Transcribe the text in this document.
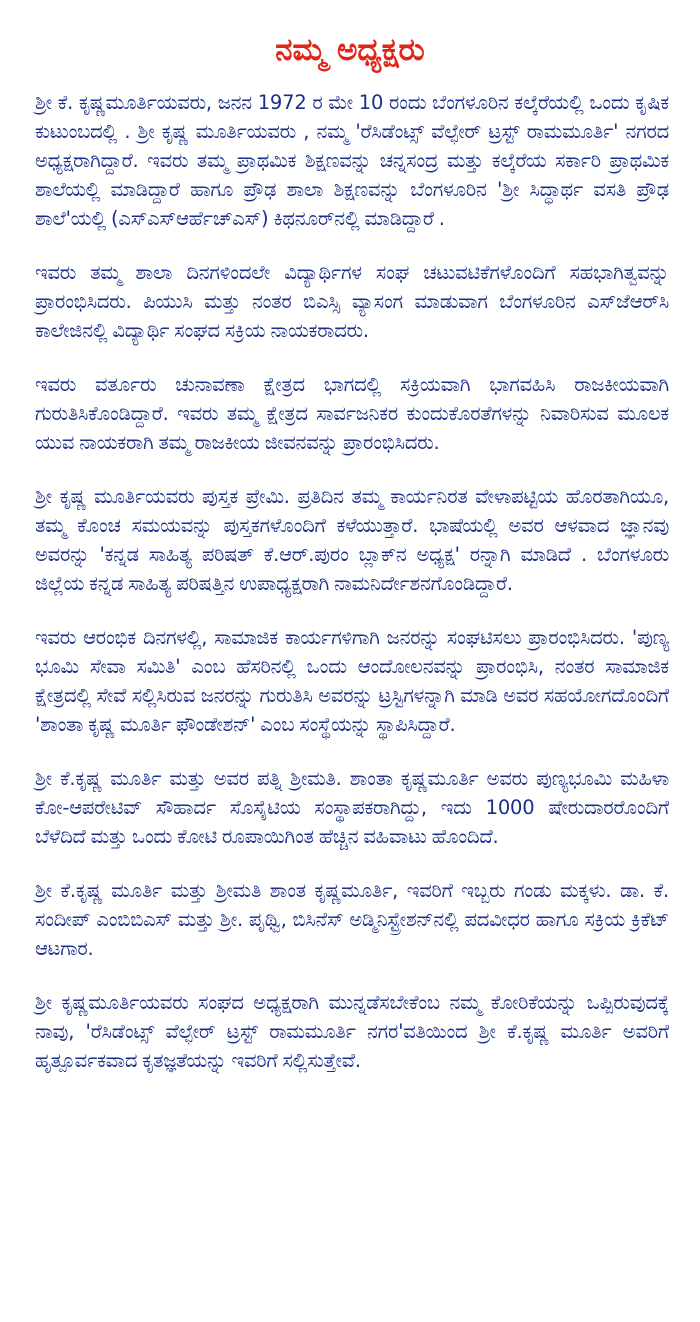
ನಮ್ಮ ಅಧ್ಯಕ್ಷರು

ಶ್ರೀ ಕೆ. ಕೃಷ್ಣಮೂರ್ತಿಯವರು, ಜನನ 1972 ರ ಮೇ 10 ರಂದು ಬೆಂಗಳೂರಿನ ಕಲ್ಕೆರೆಯಲ್ಲಿ ಒಂದು ಕೃಷಿಕ ಕುಟುಂಬದಲ್ಲಿ . ಶ್ರೀ ಕೃಷ್ಣ ಮೂರ್ತಿಯವರು , ನಮ್ಮ 'ರೆಸಿಡೆಂಟ್ಸ್ ವೆಲ್ಫೇರ್ ಟ್ರಸ್ಟ್ ರಾಮಮೂರ್ತಿ' ನಗರದ ಅಧ್ಯಕ್ಷರಾಗಿದ್ದಾರೆ. ಇವರು ತಮ್ಮ ಪ್ರಾಥಮಿಕ ಶಿಕ್ಷಣವನ್ನು ಚನ್ನಸಂದ್ರ ಮತ್ತು ಕಲ್ಕೆರೆಯ ಸರ್ಕಾರಿ ಪ್ರಾಥಮಿಕ ಶಾಲೆಯಲ್ಲಿ ಮಾಡಿದ್ದಾರೆ ಹಾಗೂ ಪ್ರೌಢ ಶಾಲಾ ಶಿಕ್ಷಣವನ್ನು ಬೆಂಗಳೂರಿನ 'ಶ್ರೀ ಸಿದ್ಧಾರ್ಥ ವಸತಿ ಪ್ರೌಢ ಶಾಲೆ'ಯಲ್ಲಿ (ಎಸ್ಎಸ್ಆರ್ಹೆಚ್ಎಸ್) ಕಿಥನೂರ್‌ನಲ್ಲಿ ಮಾಡಿದ್ದಾರೆ .

ಇವರು ತಮ್ಮ ಶಾಲಾ ದಿನಗಳಿಂದಲೇ ವಿದ್ಯಾರ್ಥಿಗಳ ಸಂಘ ಚಟುವಟಿಕೆಗಳೊಂದಿಗೆ ಸಹಭಾಗಿತ್ವವನ್ನು ಪ್ರಾರಂಭಿಸಿದರು. ಪಿಯುಸಿ ಮತ್ತು ನಂತರ ಬಿಎಸ್ಸಿ ವ್ಯಾಸಂಗ ಮಾಡುವಾಗ ಬೆಂಗಳೂರಿನ ಎಸ್‌ಜೆಆರ್‌ಸಿ ಕಾಲೇಜಿನಲ್ಲಿ ವಿದ್ಯಾರ್ಥಿ ಸಂಘದ ಸಕ್ರಿಯ ನಾಯಕರಾದರು.

ಇವರು ವರ್ತೂರು ಚುನಾವಣಾ ಕ್ಷೇತ್ರದ ಭಾಗದಲ್ಲಿ ಸಕ್ರಿಯವಾಗಿ ಭಾಗವಹಿಸಿ ರಾಜಕೀಯವಾಗಿ ಗುರುತಿಸಿಕೊಂಡಿದ್ದಾರೆ. ಇವರು ತಮ್ಮ ಕ್ಷೇತ್ರದ ಸಾರ್ವಜನಿಕರ ಕುಂದುಕೊರತೆಗಳನ್ನು ನಿವಾರಿಸುವ ಮೂಲಕ ಯುವ ನಾಯಕರಾಗಿ ತಮ್ಮ ರಾಜಕೀಯ ಜೀವನವನ್ನು ಪ್ರಾರಂಭಿಸಿದರು.

ಶ್ರೀ ಕೃಷ್ಣ ಮೂರ್ತಿಯವರು ಪುಸ್ತಕ ಪ್ರೇಮಿ. ಪ್ರತಿದಿನ ತಮ್ಮ ಕಾರ್ಯನಿರತ ವೇಳಾಪಟ್ಟಿಯ ಹೊರತಾಗಿಯೂ, ತಮ್ಮ ಕೊಂಚ ಸಮಯವನ್ನು ಪುಸ್ತಕಗಳೊಂದಿಗೆ ಕಳೆಯುತ್ತಾರೆ. ಭಾಷೆಯಲ್ಲಿ ಅವರ ಆಳವಾದ ಜ್ಞಾನವು ಅವರನ್ನು 'ಕನ್ನಡ ಸಾಹಿತ್ಯ ಪರಿಷತ್ ಕೆ.ಆರ್.ಪುರಂ ಬ್ಲಾಕ್‌ನ ಅಧ್ಯಕ್ಷ' ರನ್ನಾಗಿ ಮಾಡಿದೆ . ಬೆಂಗಳೂರು ಜಿಲ್ಲೆಯ ಕನ್ನಡ ಸಾಹಿತ್ಯ ಪರಿಷತ್ತಿನ ಉಪಾಧ್ಯಕ್ಷರಾಗಿ ನಾಮನಿರ್ದೇಶನಗೊಂಡಿದ್ದಾರೆ.

ಇವರು ಆರಂಭಿಕ ದಿನಗಳಲ್ಲಿ, ಸಾಮಾಜಿಕ ಕಾರ್ಯಗಳಿಗಾಗಿ ಜನರನ್ನು ಸಂಘಟಿಸಲು ಪ್ರಾರಂಭಿಸಿದರು. 'ಪುಣ್ಯ ಭೂಮಿ ಸೇವಾ ಸಮಿತಿ' ಎಂಬ ಹೆಸರಿನಲ್ಲಿ ಒಂದು ಆಂದೋಲನವನ್ನು ಪ್ರಾರಂಭಿಸಿ, ನಂತರ ಸಾಮಾಜಿಕ ಕ್ಷೇತ್ರದಲ್ಲಿ ಸೇವೆ ಸಲ್ಲಿಸಿರುವ ಜನರನ್ನು ಗುರುತಿಸಿ ಅವರನ್ನು ಟ್ರಸ್ಟಿಗಳನ್ನಾಗಿ ಮಾಡಿ ಅವರ ಸಹಯೋಗದೊಂದಿಗೆ 'ಶಾಂತಾ ಕೃಷ್ಣ ಮೂರ್ತಿ ಫೌಂಡೇಶನ್' ಎಂಬ ಸಂಸ್ಥೆಯನ್ನು ಸ್ಥಾಪಿಸಿದ್ದಾರೆ.

ಶ್ರೀ ಕೆ.ಕೃಷ್ಣ ಮೂರ್ತಿ ಮತ್ತು ಅವರ ಪತ್ನಿ ಶ್ರೀಮತಿ. ಶಾಂತಾ ಕೃಷ್ಣಮೂರ್ತಿ ಅವರು ಪುಣ್ಯಭೂಮಿ ಮಹಿಳಾ ಕೋ-ಆಪರೇಟಿವ್ ಸೌಹಾರ್ದ ಸೊಸೈಟಿಯ ಸಂಸ್ಥಾಪಕರಾಗಿದ್ದು, ಇದು 1000 ಷೇರುದಾರರೊಂದಿಗೆ ಬೆಳೆದಿದೆ ಮತ್ತು ಒಂದು ಕೋಟಿ ರೂಪಾಯಿಗಿಂತ ಹೆಚ್ಚಿನ ವಹಿವಾಟು ಹೊಂದಿದೆ.

ಶ್ರೀ ಕೆ.ಕೃಷ್ಣ ಮೂರ್ತಿ ಮತ್ತು ಶ್ರೀಮತಿ ಶಾಂತ ಕೃಷ್ಣಮೂರ್ತಿ, ಇವರಿಗೆ ಇಬ್ಬರು ಗಂಡು ಮಕ್ಕಳು. ಡಾ. ಕೆ. ಸಂದೀಪ್ ಎಂಬಿಬಿಎಸ್ ಮತ್ತು ಶ್ರೀ. ಪೃಥ್ವಿ, ಬಿಸಿನೆಸ್ ಅಡ್ಮಿನಿಸ್ಟ್ರೇಶನ್‌ನಲ್ಲಿ ಪದವೀಧರ ಹಾಗೂ ಸಕ್ರಿಯ ಕ್ರಿಕೆಟ್ ಆಟಗಾರ.

ಶ್ರೀ ಕೃಷ್ಣಮೂರ್ತಿಯವರು ಸಂಘದ ಅಧ್ಯಕ್ಷರಾಗಿ ಮುನ್ನಡೆಸಬೇಕೆಂಬ ನಮ್ಮ ಕೋರಿಕೆಯನ್ನು ಒಪ್ಪಿರುವುದಕ್ಕೆ ನಾವು, 'ರೆಸಿಡೆಂಟ್ಸ್ ವೆಲ್ಫೇರ್ ಟ್ರಸ್ಟ್ ರಾಮಮೂರ್ತಿ ನಗರ'ವತಿಯಿಂದ ಶ್ರೀ ಕೆ.ಕೃಷ್ಣ ಮೂರ್ತಿ ಅವರಿಗೆ ಹೃತ್ಪೂರ್ವಕವಾದ ಕೃತಜ್ಞತೆಯನ್ನು ಇವರಿಗೆ ಸಲ್ಲಿಸುತ್ತೇವೆ.
